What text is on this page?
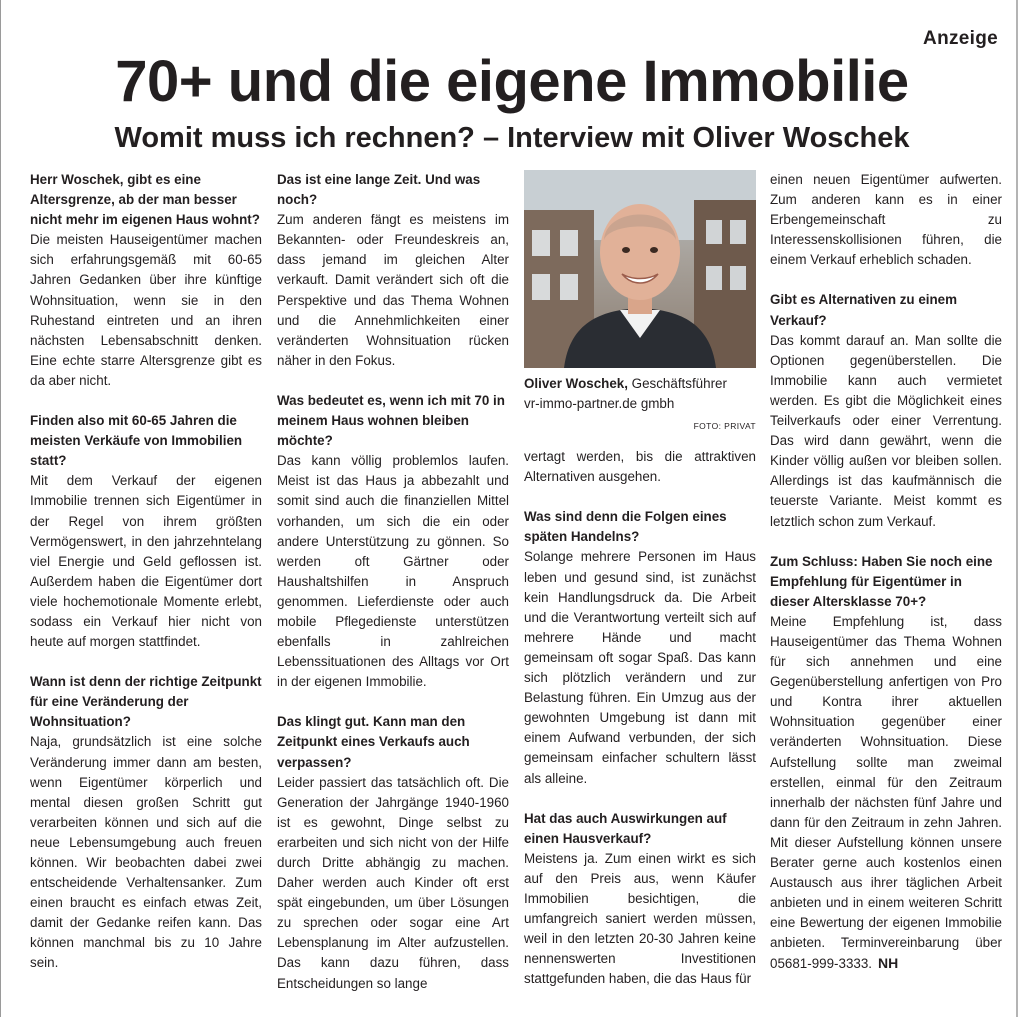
Anzeige
70+ und die eigene Immobilie
Womit muss ich rechnen? – Interview mit Oliver Woschek
Herr Woschek, gibt es eine Altersgrenze, ab der man besser nicht mehr im eigenen Haus wohnt?

Die meisten Hauseigentümer machen sich erfahrungsgemäß mit 60-65 Jahren Gedanken über ihre künftige Wohnsituation, wenn sie in den Ruhestand eintreten und an ihren nächsten Lebensabschnitt denken. Eine echte starre Altersgrenze gibt es da aber nicht.

Finden also mit 60-65 Jahren die meisten Verkäufe von Immobilien statt?

Mit dem Verkauf der eigenen Immobilie trennen sich Eigentümer in der Regel von ihrem größten Vermögenswert, in den jahrzehntelang viel Energie und Geld geflossen ist. Außerdem haben die Eigentümer dort viele hochemotionale Momente erlebt, sodass ein Verkauf hier nicht von heute auf morgen stattfindet.

Wann ist denn der richtige Zeitpunkt für eine Veränderung der Wohnsituation?

Naja, grundsätzlich ist eine solche Veränderung immer dann am besten, wenn Eigentümer körperlich und mental diesen großen Schritt gut verarbeiten können und sich auf die neue Lebensumgebung auch freuen können. Wir beobachten dabei zwei entscheidende Verhaltensanker. Zum einen braucht es einfach etwas Zeit, damit der Gedanke reifen kann. Das können manchmal bis zu 10 Jahre sein.

Das ist eine lange Zeit. Und was noch?

Zum anderen fängt es meistens im Bekannten- oder Freundeskreis an, dass jemand im gleichen Alter verkauft. Damit verändert sich oft die Perspektive und das Thema Wohnen und die Annehmlichkeiten einer veränderten Wohnsituation rücken näher in den Fokus.

Was bedeutet es, wenn ich mit 70 in meinem Haus wohnen bleiben möchte?

Das kann völlig problemlos laufen. Meist ist das Haus ja abbezahlt und somit sind auch die finanziellen Mittel vorhanden, um sich die ein oder andere Unterstützung zu gönnen. So werden oft Gärtner oder Haushaltshilfen in Anspruch genommen. Lieferdienste oder auch mobile Pflegedienste unterstützen ebenfalls in zahlreichen Lebenssituationen des Alltags vor Ort in der eigenen Immobilie.

Das klingt gut. Kann man den Zeitpunkt eines Verkaufs auch verpassen?

Leider passiert das tatsächlich oft. Die Generation der Jahrgänge 1940-1960 ist es gewohnt, Dinge selbst zu erarbeiten und sich nicht von der Hilfe durch Dritte abhängig zu machen. Daher werden auch Kinder oft erst spät eingebunden, um über Lösungen zu sprechen oder sogar eine Art Lebensplanung im Alter aufzustellen. Das kann dazu führen, dass Entscheidungen so lange

Oliver Woschek, Geschäftsführer
vr-immo-partner.de gmbh
FOTO: PRIVAT

vertagt werden, bis die attraktiven Alternativen ausgehen.

Was sind denn die Folgen eines späten Handelns?

Solange mehrere Personen im Haus leben und gesund sind, ist zunächst kein Handlungsdruck da. Die Arbeit und die Verantwortung verteilt sich auf mehrere Hände und macht gemeinsam oft sogar Spaß. Das kann sich plötzlich verändern und zur Belastung führen. Ein Umzug aus der gewohnten Umgebung ist dann mit einem Aufwand verbunden, der sich gemeinsam einfacher schultern lässt als alleine.

Hat das auch Auswirkungen auf einen Hausverkauf?

Meistens ja. Zum einen wirkt es sich auf den Preis aus, wenn Käufer Immobilien besichtigen, die umfangreich saniert werden müssen, weil in den letzten 20-30 Jahren keine nennenswerten Investitionen stattgefunden haben, die das Haus für

einen neuen Eigentümer aufwerten. Zum anderen kann es in einer Erbengemeinschaft zu Interessenskollisionen führen, die einem Verkauf erheblich schaden.

Gibt es Alternativen zu einem Verkauf?

Das kommt darauf an. Man sollte die Optionen gegenüberstellen. Die Immobilie kann auch vermietet werden. Es gibt die Möglichkeit eines Teilverkaufs oder einer Verrentung. Das wird dann gewährt, wenn die Kinder völlig außen vor bleiben sollen. Allerdings ist das kaufmännisch die teuerste Variante. Meist kommt es letztlich schon zum Verkauf.

Zum Schluss: Haben Sie noch eine Empfehlung für Eigentümer in dieser Altersklasse 70+?

Meine Empfehlung ist, dass Hauseigentümer das Thema Wohnen für sich annehmen und eine Gegenüberstellung anfertigen von Pro und Kontra ihrer aktuellen Wohnsituation gegenüber einer veränderten Wohnsituation. Diese Aufstellung sollte man zweimal erstellen, einmal für den Zeitraum innerhalb der nächsten fünf Jahre und dann für den Zeitraum in zehn Jahren. Mit dieser Aufstellung können unsere Berater gerne auch kostenlos einen Austausch aus ihrer täglichen Arbeit anbieten und in einem weiteren Schritt eine Bewertung der eigenen Immobilie anbieten. Terminvereinbarung über 05681-999-3333. NH
